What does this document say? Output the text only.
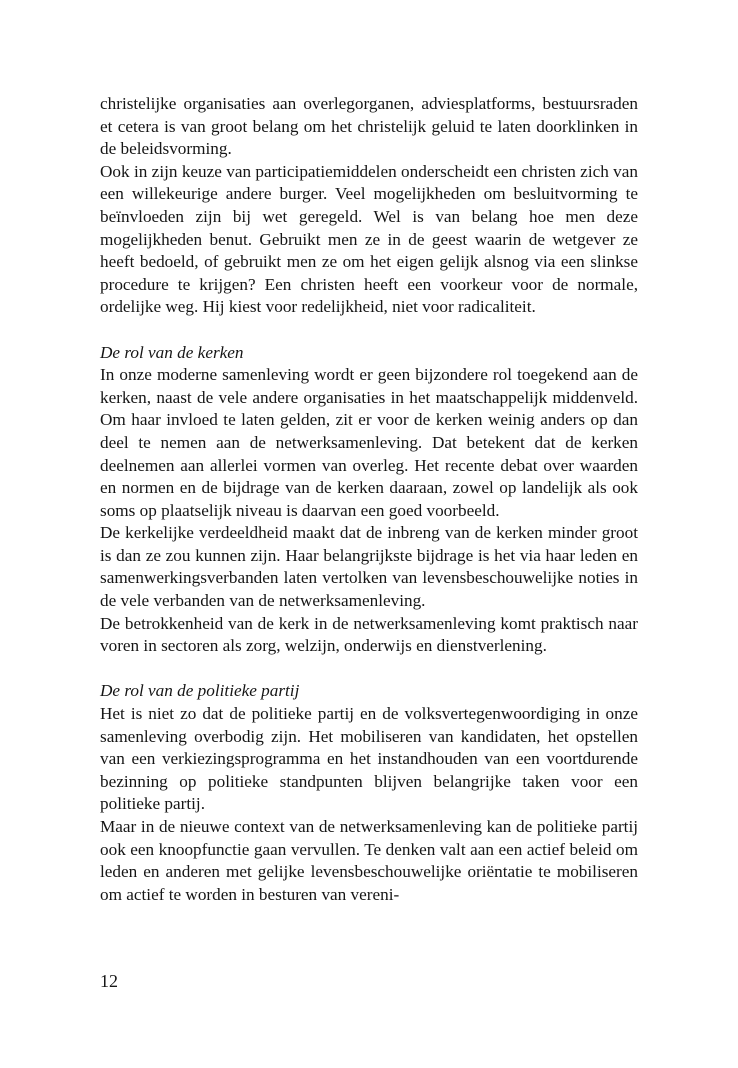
christelijke organisaties aan overlegorganen, adviesplatforms, bestuursraden et cetera is van groot belang om het christelijk geluid te laten doorklinken in de beleidsvorming.

Ook in zijn keuze van participatiemiddelen onderscheidt een christen zich van een willekeurige andere burger. Veel mogelijkheden om besluitvorming te beïnvloeden zijn bij wet geregeld. Wel is van belang hoe men deze mogelijkheden benut. Gebruikt men ze in de geest waarin de wetgever ze heeft bedoeld, of gebruikt men ze om het eigen gelijk alsnog via een slinkse procedure te krijgen? Een christen heeft een voorkeur voor de normale, ordelijke weg. Hij kiest voor redelijkheid, niet voor radicaliteit.

De rol van de kerken

In onze moderne samenleving wordt er geen bijzondere rol toegekend aan de kerken, naast de vele andere organisaties in het maatschappelijk middenveld. Om haar invloed te laten gelden, zit er voor de kerken weinig anders op dan deel te nemen aan de netwerksamenleving. Dat betekent dat de kerken deelnemen aan allerlei vormen van overleg. Het recente debat over waarden en normen en de bijdrage van de kerken daaraan, zowel op landelijk als ook soms op plaatselijk niveau is daarvan een goed voorbeeld.

De kerkelijke verdeeldheid maakt dat de inbreng van de kerken minder groot is dan ze zou kunnen zijn. Haar belangrijkste bijdrage is het via haar leden en samenwerkingsverbanden laten vertolken van levensbeschouwelijke noties in de vele verbanden van de netwerksamenleving.

De betrokkenheid van de kerk in de netwerksamenleving komt praktisch naar voren in sectoren als zorg, welzijn, onderwijs en dienstverlening.

De rol van de politieke partij

Het is niet zo dat de politieke partij en de volksvertegenwoordiging in onze samenleving overbodig zijn. Het mobiliseren van kandidaten, het opstellen van een verkiezingsprogramma en het instandhouden van een voortdurende bezinning op politieke standpunten blijven belangrijke taken voor een politieke partij.

Maar in de nieuwe context van de netwerksamenleving kan de politieke partij ook een knoopfunctie gaan vervullen. Te denken valt aan een actief beleid om leden en anderen met gelijke levensbeschouwelijke oriëntatie te mobiliseren om actief te worden in besturen van vereni-

12
